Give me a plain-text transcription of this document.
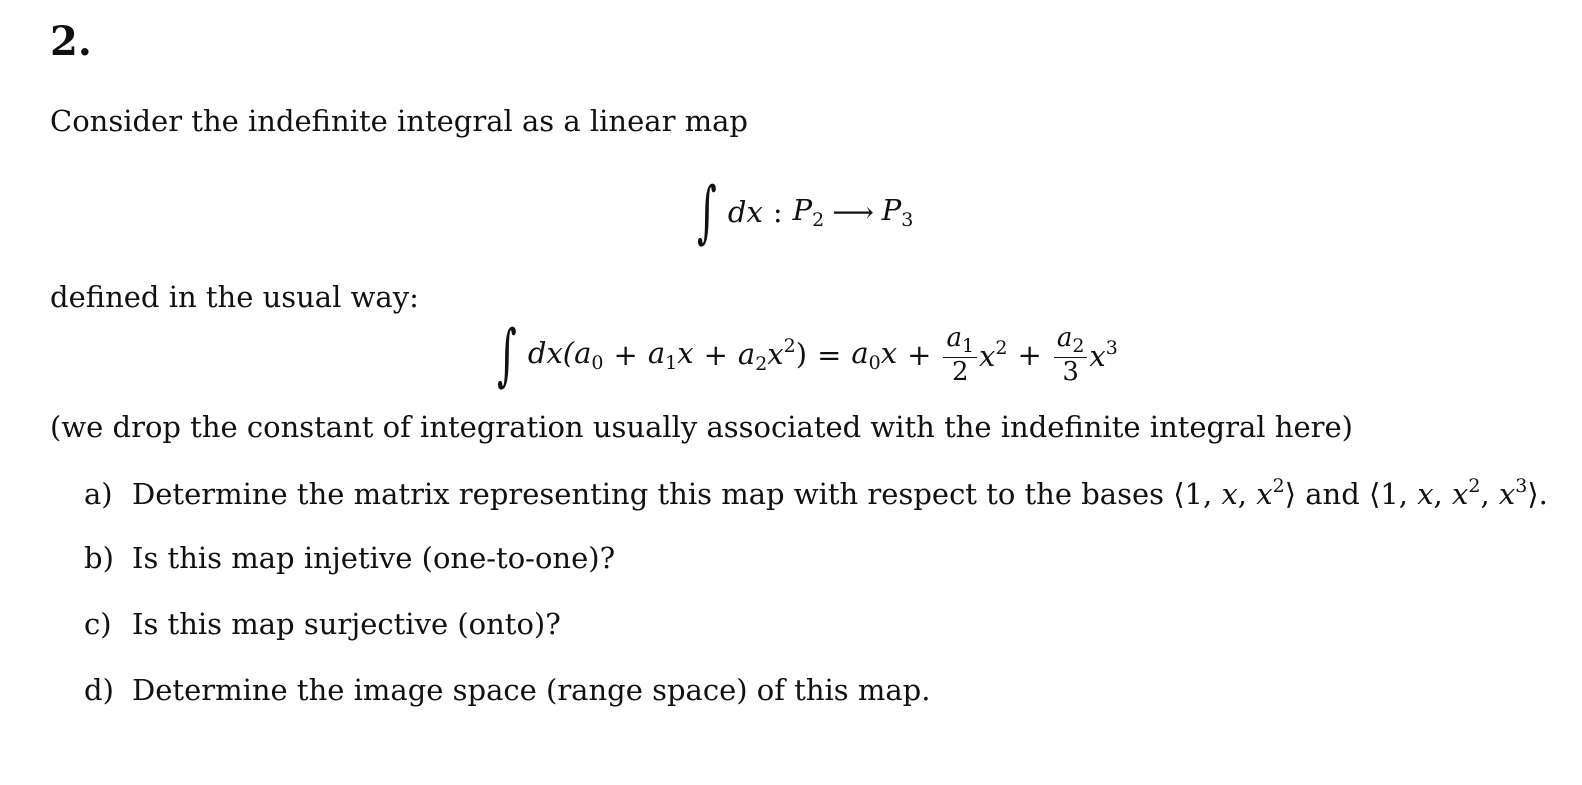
2.
Consider the indefinite integral as a linear map
∫ dx : $P_2$ ⟶ $P_3$
defined in the usual way:
∫ $dx(a_0 + a_1x + a_2x^2) = a_0x + \frac{a_1}{2} x^2 + \frac{a_2}{3} x^3$
(we drop the constant of integration usually associated with the indefinite integral here)
a) Determine the matrix representing this map with respect to the bases ⟨1, x, $x^2⟩$ and ⟨1, x, $x^2$, $x^3⟩$.
b) Is this map injetive (one-to-one)?
c) Is this map surjective (onto)?
d) Determine the image space (range space) of this map.
